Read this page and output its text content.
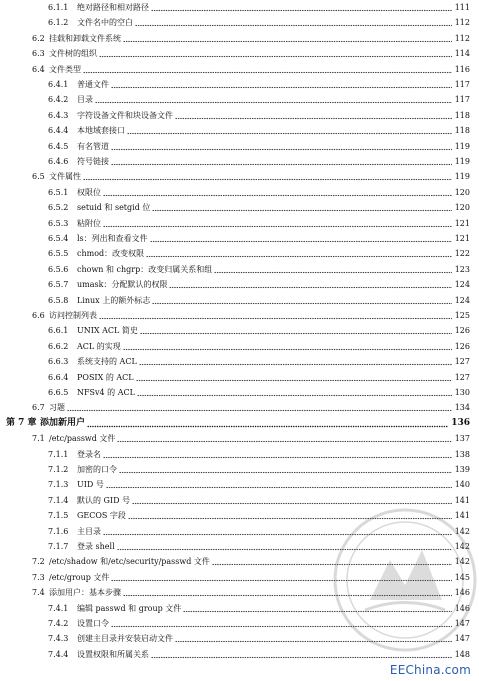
6.1.1 绝对路径和相对路径	111
6.1.2 文件名中的空白	112
6.2 挂载和卸载文件系统	112
6.3 文件树的组织	114
6.4 文件类型	116
6.4.1 普通文件	117
6.4.2 目录	117
6.4.3 字符设备文件和块设备文件	118
6.4.4 本地域套接口	118
6.4.5 有名管道	119
6.4.6 符号链接	119
6.5 文件属性	119
6.5.1 权限位	120
6.5.2 setuid 和 setgid 位	120
6.5.3 粘附位	121
6.5.4 ls：列出和查看文件	121
6.5.5 chmod：改变权限	122
6.5.6 chown 和 chgrp：改变归属关系和组	123
6.5.7 umask：分配默认的权限	124
6.5.8 Linux 上的额外标志	124
6.6 访问控制列表	125
6.6.1 UNIX ACL 简史	126
6.6.2 ACL 的实现	126
6.6.3 系统支持的 ACL	127
6.6.4 POSIX 的 ACL	127
6.6.5 NFSv4 的 ACL	130
6.7 习题	134
第 7 章 添加新用户	136
7.1 /etc/passwd 文件	137
7.1.1 登录名	138
7.1.2 加密的口令	139
7.1.3 UID 号	140
7.1.4 默认的 GID 号	141
7.1.5 GECOS 字段	141
7.1.6 主目录	142
7.1.7 登录 shell	142
7.2 /etc/shadow 和/etc/security/passwd 文件	142
7.3 /etc/group 文件	145
7.4 添加用户：基本步骤	146
7.4.1 编辑 passwd 和 group 文件	146
7.4.2 设置口令	147
7.4.3 创建主目录并安装启动文件	147
7.4.4 设置权限和所属关系	148
EEChina.com
